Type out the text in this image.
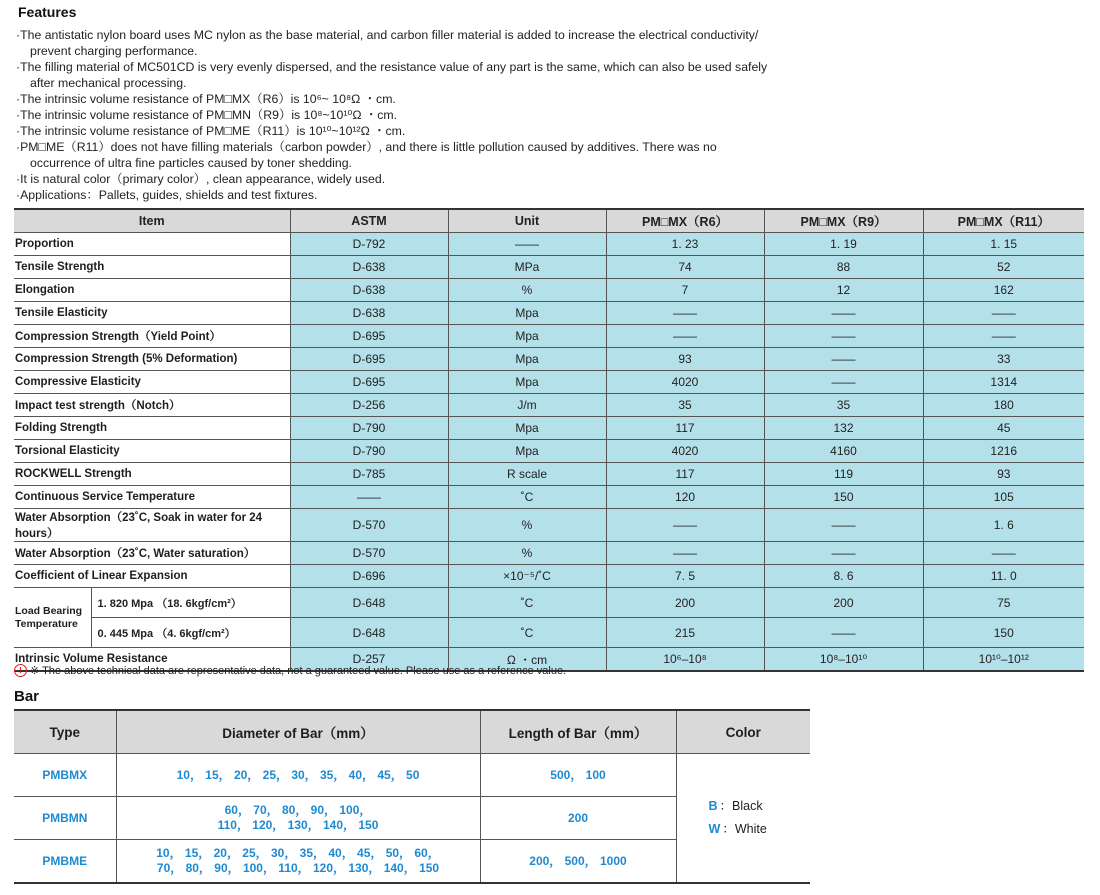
Features
·The antistatic nylon board uses MC nylon as the base material, and carbon filler material is added to increase the electrical conductivity/ prevent charging performance.
·The filling material of MC501CD is very evenly dispersed, and the resistance value of any part is the same, which can also be used safely after mechanical processing.
·The intrinsic volume resistance of PM□MX（R6）is 10⁶~ 10⁸Ω ・cm.
·The intrinsic volume resistance of PM□MN（R9）is 10⁸~10¹⁰Ω ・cm.
·The intrinsic volume resistance of PM□ME（R11）is 10¹⁰~10¹²Ω ・cm.
·PM□ME（R11）does not have filling materials（carbon powder）, and there is little pollution caused by additives. There was no occurrence of ultra fine particles caused by toner shedding.
·It is natural color（primary color）, clean appearance, widely used.
·Applications：Pallets, guides, shields and test fixtures.
Item		ASTM	Unit	PM□MX（R6）	PM□MX（R9）	PM□MX（R11）
Proportion		D-792	——	1. 23	1. 19	1. 15
Tensile Strength		D-638	MPa	74	88	52
Elongation		D-638	%	7	12	162
Tensile Elasticity		D-638	Mpa	——	——	——
Compression Strength（Yield Point）		D-695	Mpa	——	——	——
Compression Strength (5% Deformation)		D-695	Mpa	93	——	33
Compressive Elasticity		D-695	Mpa	4020	——	1314
Impact test strength（Notch）		D-256	J/m	35	35	180
Folding Strength		D-790	Mpa	117	132	45
Torsional Elasticity		D-790	Mpa	4020	4160	1216
ROCKWELL Strength		D-785	R scale	117	119	93
Continuous Service Temperature		——	˚C	120	150	105
Water Absorption（23˚C, Soak in water for 24 hours）		D-570	%	——	——	1. 6
Water Absorption（23˚C, Water saturation）		D-570	%	——	——	——
Coefficient of Linear Expansion		D-696	×10⁻⁵/˚C	7. 5	8. 6	11. 0
Load Bearing Temperature	1. 820 Mpa （18. 6kgf/cm²）	D-648	˚C	200	200	75
	0. 445 Mpa （4. 6kgf/cm²）	D-648	˚C	215	——	150
Intrinsic Volume Resistance		D-257	Ω ・cm	10⁶–10⁸	10⁸–10¹⁰	10¹⁰–10¹²
! ※ The above technical data are representative data, not a guaranteed value. Please use as a reference value.
Bar
Type	Diameter of Bar（mm）	Length of Bar（mm）	Color
PMBMX	10， 15， 20， 25， 30， 35， 40， 45， 50	500， 100	B ：Black
W ：White

PMBMN	60， 70， 80， 90， 100，
110， 120， 130， 140， 150	200	
PMBME	10， 15， 20， 25， 30， 35， 40， 45， 50， 60，
70， 80， 90， 100， 110， 120， 130， 140， 150	200， 500， 1000	
